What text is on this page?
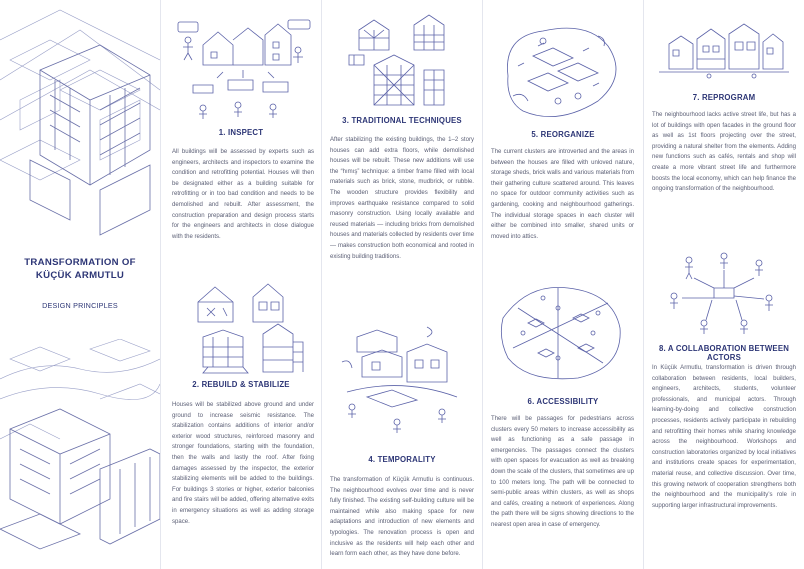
TRANSFORMATION OF
KÜÇÜK ARMUTLU
DESIGN PRINCIPLES
1. INSPECT
All buildings will be assessed by experts such as engineers, architects and inspectors to examine the condition and retrofitting potential. Houses will then be designated either as a building suitable for retrofitting or in too bad condition and needs to be demolished and rebuilt. After assessment, the construction preparation and design process starts for the engineers and architects in close dialogue with the residents.
2. REBUILD & STABILIZE
Houses will be stabilized above ground and under ground to increase seismic resistance. The stabilization contains additions of interior and/or exterior wood structures, reinforced masonry and stronger foundations, starting with the foundation, then the walls and lastly the roof. After fixing damages assessed by the inspector, the exterior stabilizing elements will be added to the buildings. For buildings 3 stories or higher, exterior balconies and fire stairs will be added, offering alternative exits in emergency situations as well as adding storage space.
3. TRADITIONAL TECHNIQUES
After stabilizing the existing buildings, the 1–2 story houses can add extra floors, while demolished houses will be rebuilt. These new additions will use the “hımış” technique: a timber frame filled with local materials such as brick, stone, mudbrick, or rubble. The wooden structure provides flexibility and improves earthquake resistance compared to solid masonry construction. Using locally available and reused materials — including bricks from demolished houses and materials collected by residents over time — makes construction both economical and rooted in existing building traditions.
4. TEMPORALITY
The transformation of Küçük Armutlu is continuous. The neighbourhood evolves over time and is never fully finished. The existing self-building culture will be maintained while also making space for new adaptations and introduction of new elements and typologies. The renovation process is open and inclusive as the residents will help each other and learn form each other, as they have done before.
5. REORGANIZE
The current clusters are introverted and the areas in between the houses are filled with unloved nature, storage sheds, brick walls and various materials from their gathering culture scattered around. This leaves no space for outdoor community activities such as gardening, cooking and neighbourhood gatherings. The individual storage spaces in each cluster will either be combined into smaller, shared units or moved into attics.
6. ACCESSIBILITY
There will be passages for pedestrians across clusters every 50 meters to increase accessibility as well as functioning as a safe passage in emergencies. The passages connect the clusters with open spaces for evacuation as well as breaking down the scale of the clusters, that sometimes are up to 100 meters long. The path will be connected to semi-public areas within clusters, as well as shops and cafés, creating a network of experiences. Along the path there will be signs showing directions to the nearest open area in case of emergency.
7. REPROGRAM
The neighbourhood lacks active street life, but has a lot of buildings with open facades in the ground floor as well as 1st floors projecting over the street, providing a natural shelter from the elements. Adding new functions such as cafés, rentals and shop will create a more vibrant street life and furthermore boosts the local economy, which can help finance the ongoing transformation of the neighbourhood.
8. A COLLABORATION BETWEEN ACTORS
In Küçük Armutlu, transformation is driven through collaboration between residents, local builders, engineers, architects, students, volunteer professionals, and municipal actors. Through learning-by-doing and collective construction processes, residents actively participate in rebuilding and retrofitting their homes while sharing knowledge across the neighbourhood. Workshops and construction laboratories organized by local initiatives and institutions create spaces for experimentation, material reuse, and collective discussion. Over time, this growing network of cooperation strengthens both the neighbourhood and the municipality’s role in supporting larger infrastructural improvements.
